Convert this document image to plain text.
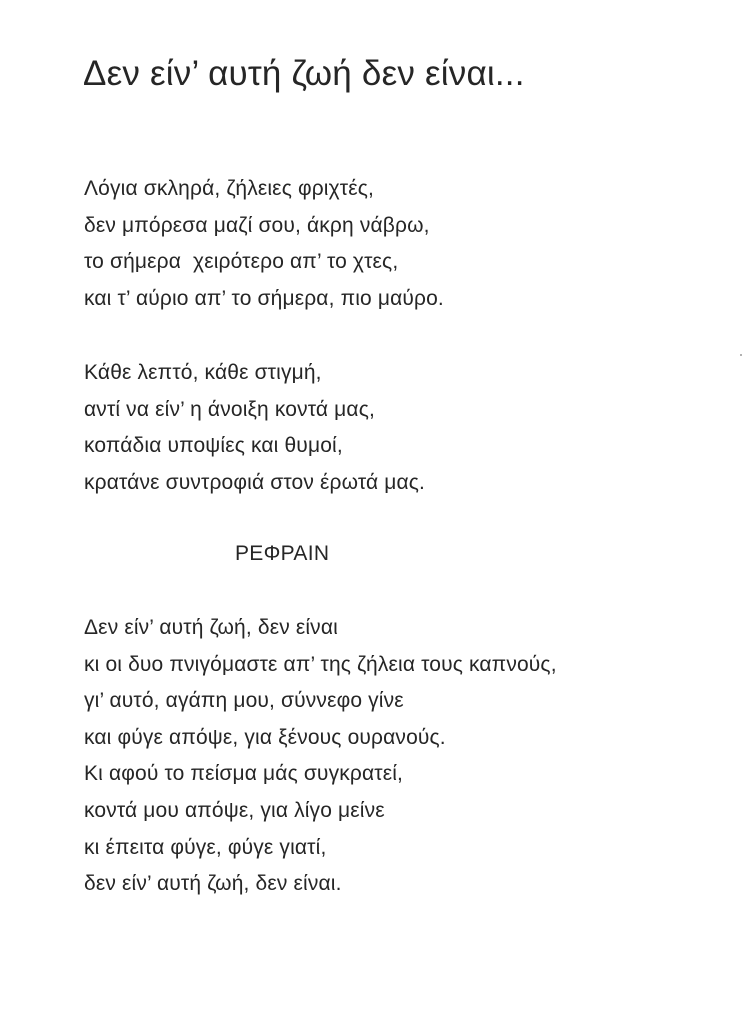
Δεν είν’ αυτή ζωή δεν είναι...
Λόγια σκληρά, ζήλειες φριχτές,
δεν μπόρεσα μαζί σου, άκρη νάβρω,
το σήμερα  χειρότερο απ’ το χτες,
και τ’ αύριο απ’ το σήμερα, πιο μαύρο.
Κάθε λεπτό, κάθε στιγμή,
αντί να είν’ η άνοιξη κοντά μας,
κοπάδια υποψίες και θυμοί,
κρατάνε συντροφιά στον έρωτά μας.
ΡΕΦΡΑΙΝ
Δεν είν’ αυτή ζωή, δεν είναι
κι οι δυο πνιγόμαστε απ’ της ζήλεια τους καπνούς,
γι’ αυτό, αγάπη μου, σύννεφο γίνε
και φύγε απόψε, για ξένους ουρανούς.
Κι αφού το πείσμα μάς συγκρατεί,
κοντά μου απόψε, για λίγο μείνε
κι έπειτα φύγε, φύγε γιατί,
δεν είν’ αυτή ζωή, δεν είναι.
